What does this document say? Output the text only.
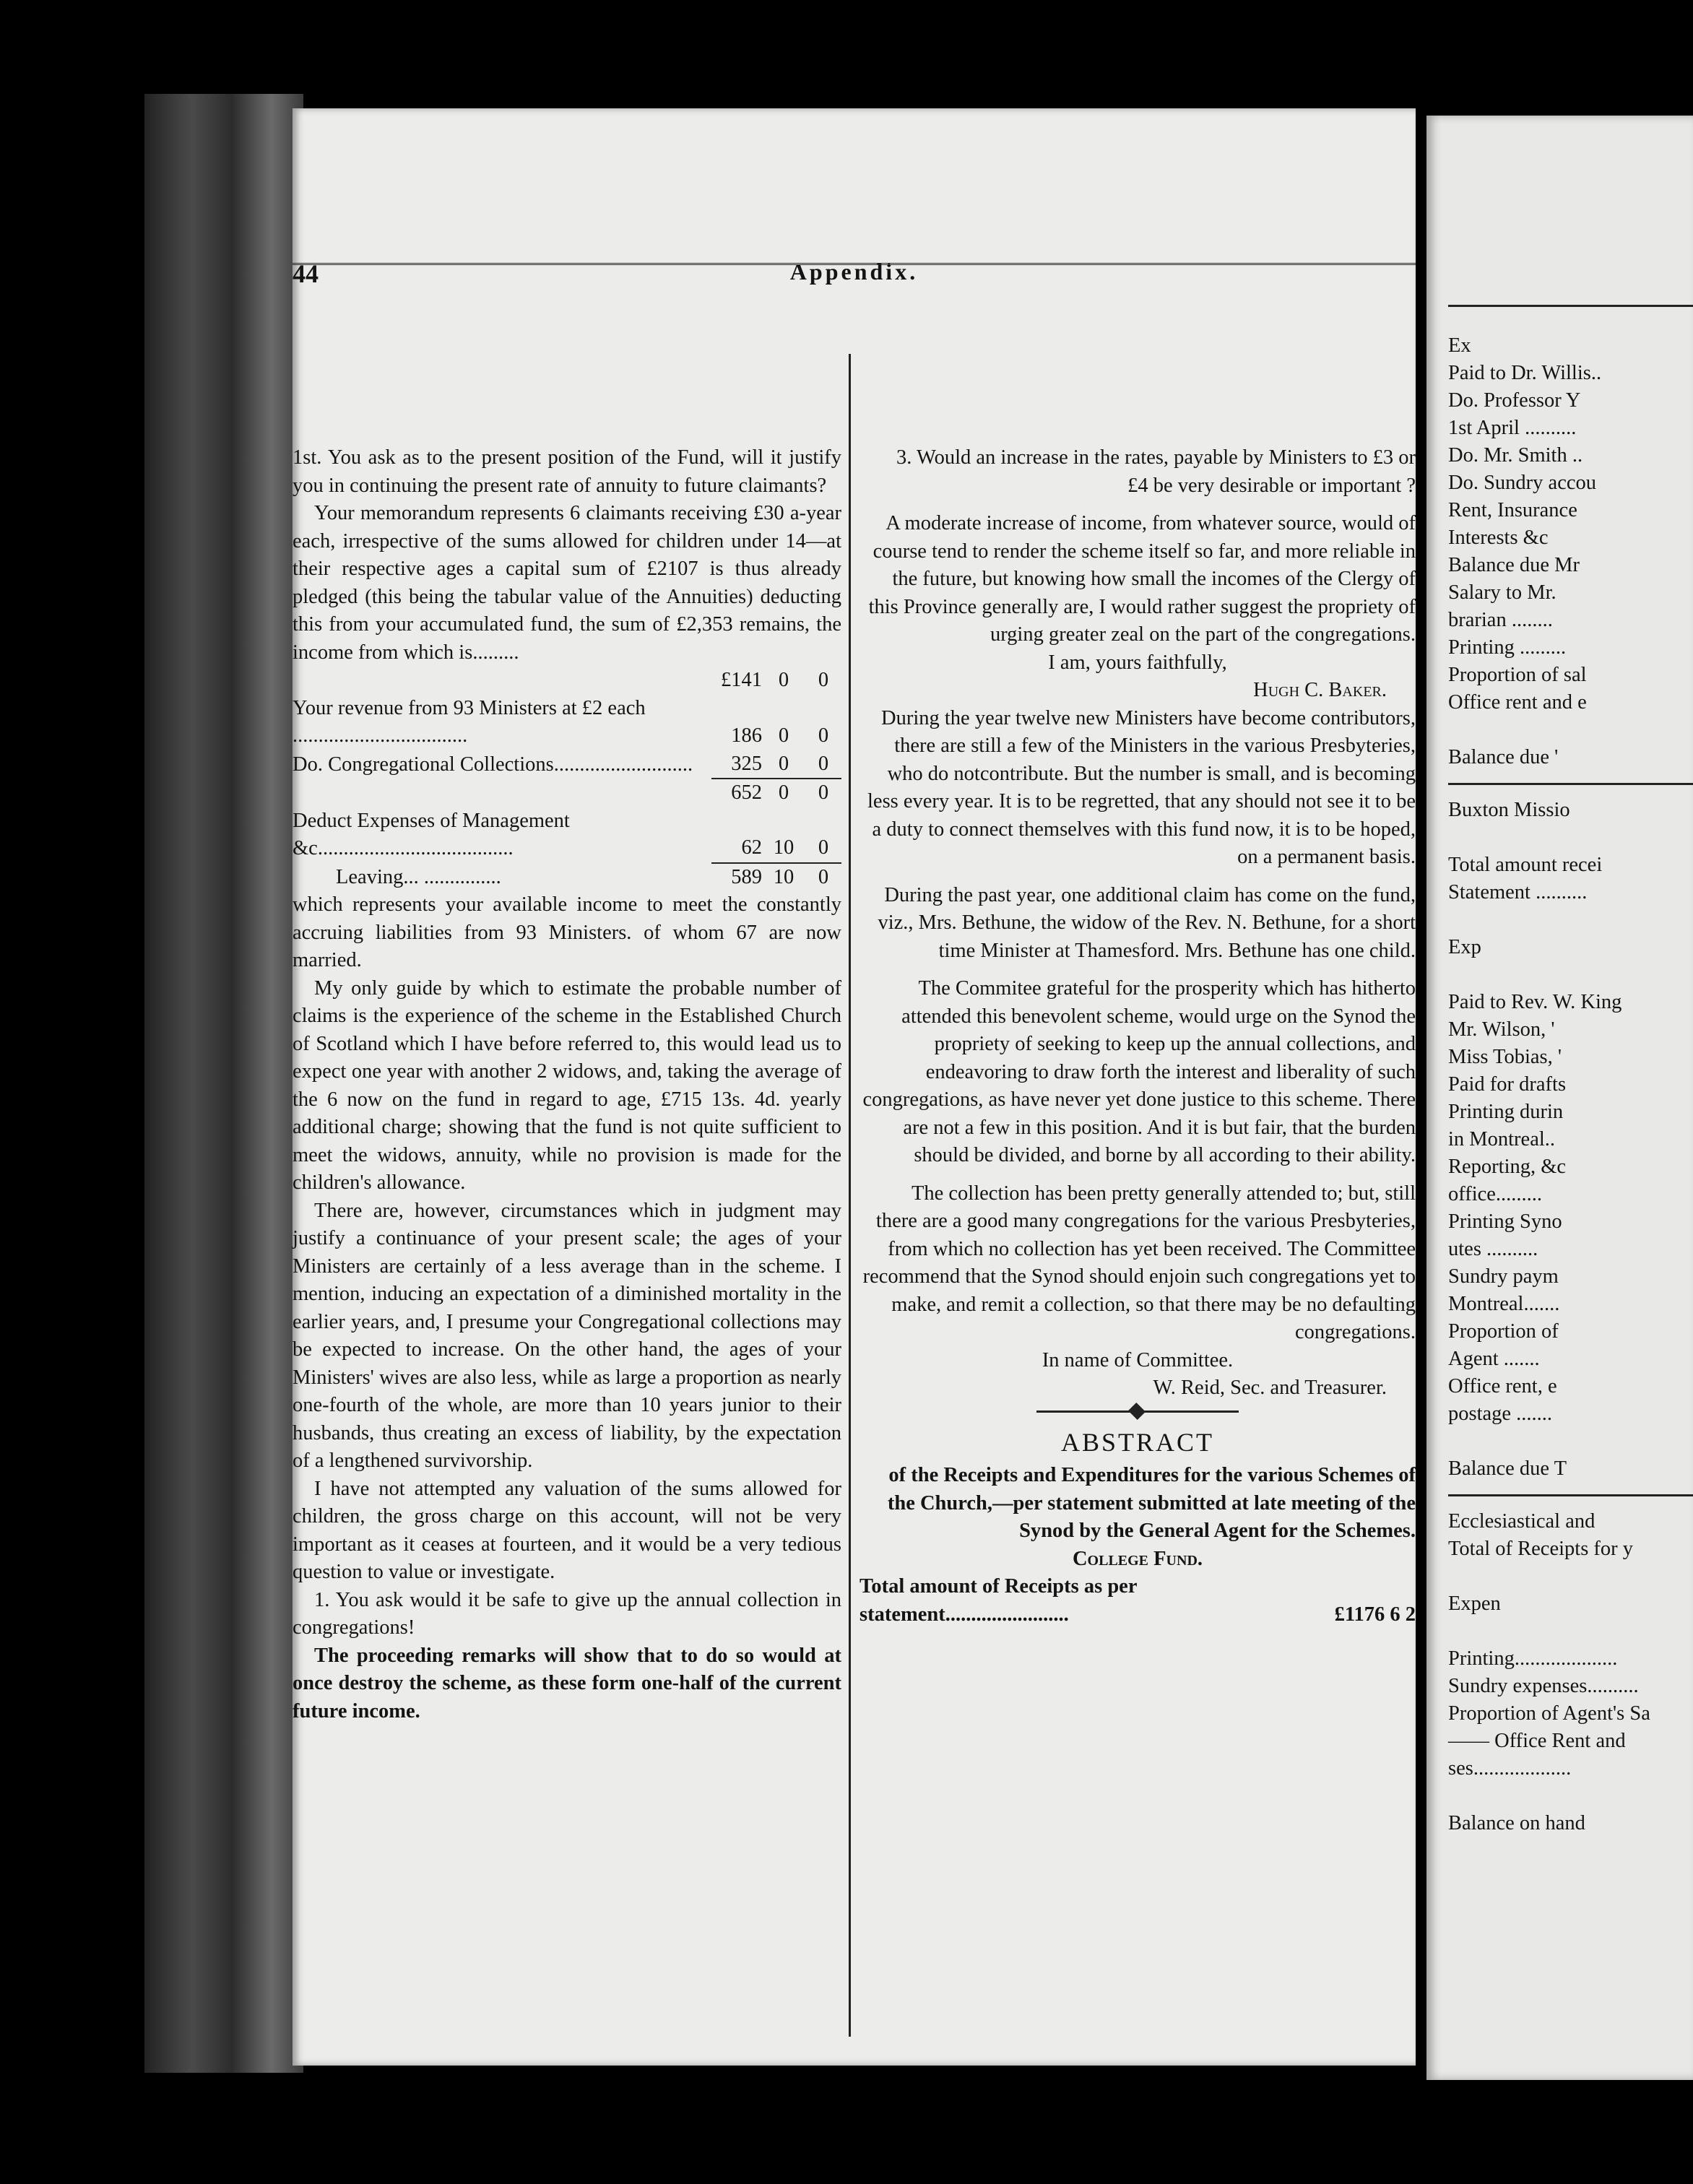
44	Appendix.

1st. You ask as to the present position of the Fund, will it justify you in continuing the present rate of annuity to future claimants?

Your memorandum represents 6 claimants receiving £30 a-year each, irrespective of the sums allowed for children under 14—at their respective ages a capital sum of £2107 is thus already pledged (this being the tabular value of the Annuities) deducting this from your accumulated fund, the sum of £2,353 remains, the income from which is.........

	£141	0	0
Your revenue from 93 Ministers at £2 each ..................................	186	0	0
Do. Congregational Collections...........................	325	0	0
	652	0	0
Deduct Expenses of Management &c......................................	62	10	0
Leaving... ...............	589	10	0

which represents your available income to meet the constantly accruing liabilities from 93 Ministers. of whom 67 are now married.

My only guide by which to estimate the probable number of claims is the experience of the scheme in the Established Church of Scotland which I have before referred to, this would lead us to expect one year with another 2 widows, and, taking the average of the 6 now on the fund in regard to age, £715 13s. 4d. yearly additional charge; showing that the fund is not quite sufficient to meet the widows, annuity, while no provision is made for the children's allowance.

There are, however, circumstances which in judgment may justify a continuance of your present scale; the ages of your Ministers are certainly of a less average than in the scheme. I mention, inducing an expectation of a diminished mortality in the earlier years, and, I presume your Congregational collections may be expected to increase. On the other hand, the ages of your Ministers' wives are also less, while as large a proportion as nearly one-fourth of the whole, are more than 10 years junior to their husbands, thus creating an excess of liability, by the expectation of a lengthened survivorship.

I have not attempted any valuation of the sums allowed for children, the gross charge on this account, will not be very important as it ceases at fourteen, and it would be a very tedious question to value or investigate.

1. You ask would it be safe to give up the annual collection in congregations!

The proceeding remarks will show that to do so would at once destroy the scheme, as these form one-half of the current future income.

3. Would an increase in the rates, payable by Ministers to £3 or £4 be very desirable or important ?

A moderate increase of income, from whatever source, would of course tend to render the scheme itself so far, and more reliable in the future, but knowing how small the incomes of the Clergy of this Province generally are, I would rather suggest the propriety of urging greater zeal on the part of the congregations.

I am, yours faithfully,

Hugh C. Baker.

During the year twelve new Ministers have become contributors, there are still a few of the Ministers in the various Presbyteries, who do notcontribute. But the number is small, and is becoming less every year. It is to be regretted, that any should not see it to be a duty to connect themselves with this fund now, it is to be hoped, on a permanent basis.

During the past year, one additional claim has come on the fund, viz., Mrs. Bethune, the widow of the Rev. N. Bethune, for a short time Minister at Thamesford. Mrs. Bethune has one child.

The Commitee grateful for the prosperity which has hitherto attended this benevolent scheme, would urge on the Synod the propriety of seeking to keep up the annual collections, and endeavoring to draw forth the interest and liberality of such congregations, as have never yet done justice to this scheme. There are not a few in this position. And it is but fair, that the burden should be divided, and borne by all according to their ability.

The collection has been pretty generally attended to; but, still there are a good many congregations for the various Presbyteries, from which no collection has yet been received. The Committee recommend that the Synod should enjoin such congregations yet to make, and remit a collection, so that there may be no defaulting congregations.

In name of Committee.

W. Reid, Sec. and Treasurer.

ABSTRACT

of the Receipts and Expenditures for the various Schemes of the Church,—per statement submitted at late meeting of the Synod by the General Agent for the Schemes.

College Fund.

Total amount of Receipts as per statement........................	£1176 6 2
Ex
Paid to Dr. Willis..
Do. Professor Y
1st April ..........
Do. Mr. Smith ..
Do. Sundry accou
Rent, Insurance
Interests &c
Balance due Mr
Salary to Mr.
brarian ........
Printing .........
Proportion of sal
Office rent and e

Balance due '
Buxton Missio

Total amount recei
Statement ..........

Exp

Paid to Rev. W. King
Mr. Wilson, '
Miss Tobias, '
Paid for drafts
Printing durin
in Montreal..
Reporting, &c
office.........
Printing Syno
utes ..........
Sundry paym
Montreal.......
Proportion of
Agent .......
Office rent, e
postage .......

Balance due T
Ecclesiastical and
Total of Receipts for y

Expen

Printing....................
Sundry expenses..........
Proportion of Agent's Sa
—— Office Rent and
ses...................

Balance on hand
